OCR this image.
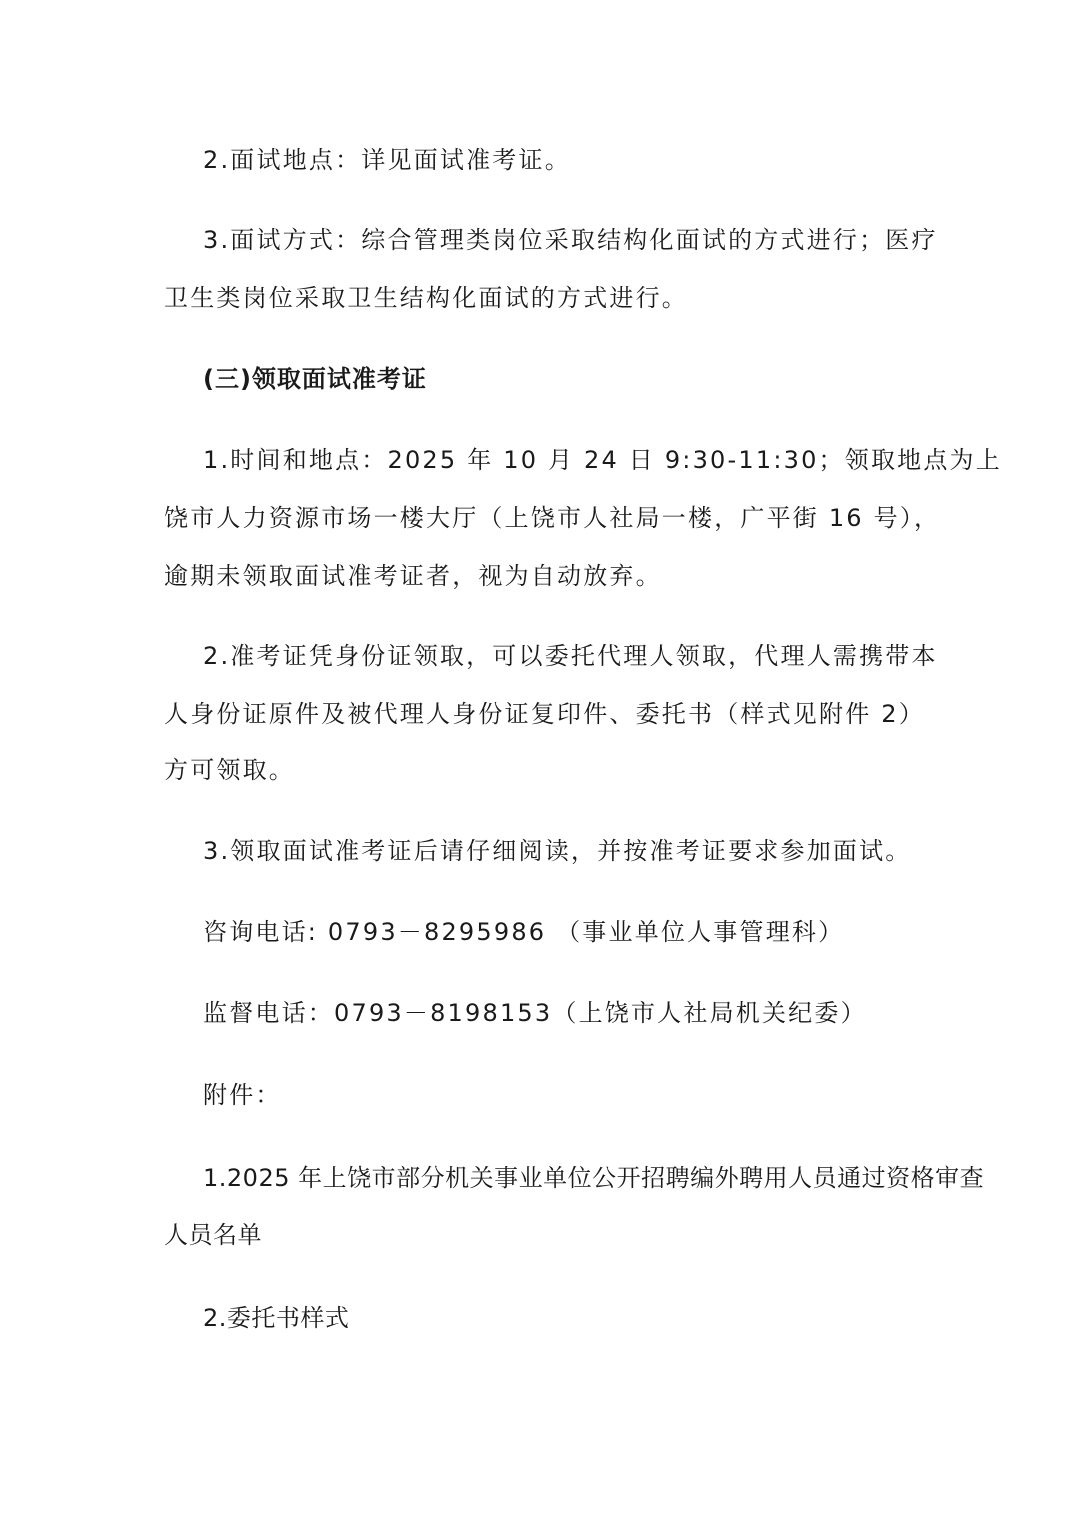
2.面试地点：详见面试准考证。
3.面试方式：综合管理类岗位采取结构化面试的方式进行；医疗
卫生类岗位采取卫生结构化面试的方式进行。
(三)领取面试准考证
1.时间和地点：2025 年 10 月 24 日 9:30-11:30；领取地点为上
饶市人力资源市场一楼大厅（上饶市人社局一楼，广平街 16 号），
逾期未领取面试准考证者，视为自动放弃。
2.准考证凭身份证领取，可以委托代理人领取，代理人需携带本
人身份证原件及被代理人身份证复印件、委托书（样式见附件 2）
方可领取。
3.领取面试准考证后请仔细阅读，并按准考证要求参加面试。
咨询电话: 0793－8295986 （事业单位人事管理科）
监督电话：0793－8198153（上饶市人社局机关纪委）
附件：
1.2025 年上饶市部分机关事业单位公开招聘编外聘用人员通过资格审查
人员名单
2.委托书样式
